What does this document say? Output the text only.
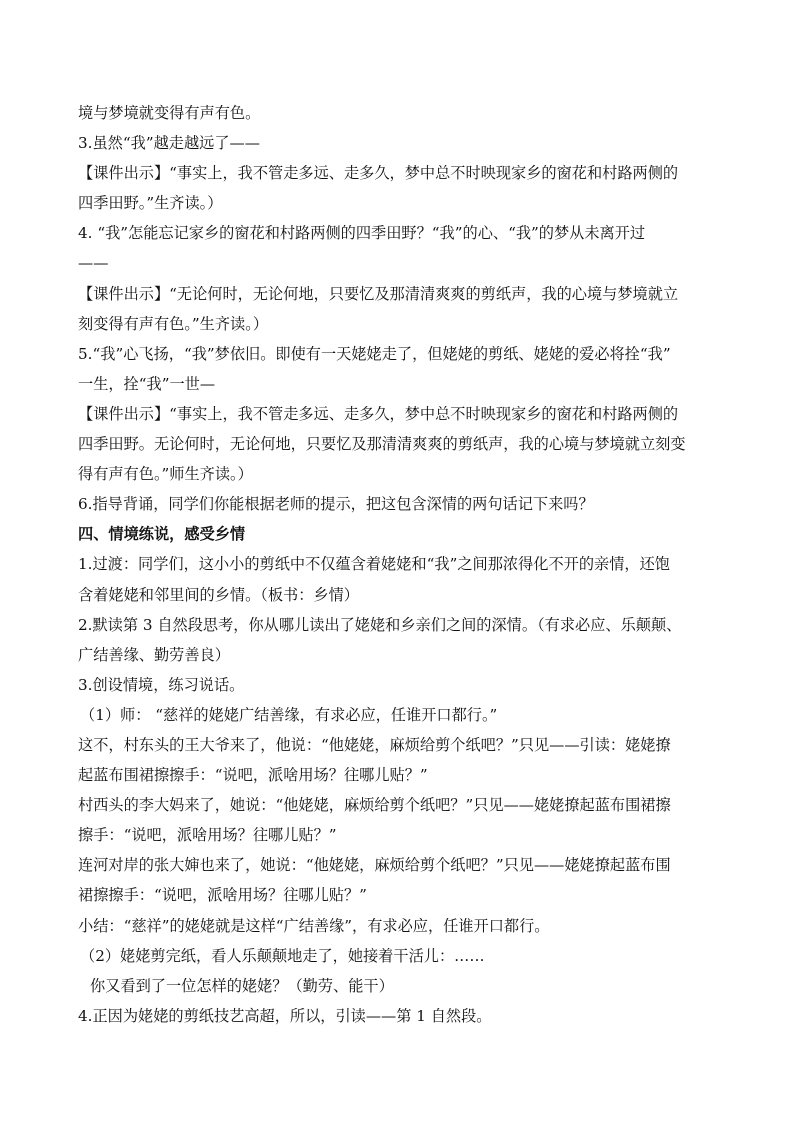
境与梦境就变得有声有色。
3.虽然“我”越走越远了——
【课件出示】“事实上，我不管走多远、走多久，梦中总不时映现家乡的窗花和村路两侧的
四季田野。”生齐读。）
4. “我”怎能忘记家乡的窗花和村路两侧的四季田野？“我”的心、“我”的梦从未离开过
——
【课件出示】“无论何时，无论何地，只要忆及那清清爽爽的剪纸声，我的心境与梦境就立
刻变得有声有色。”生齐读。）
5.“我”心飞扬，“我”梦依旧。即使有一天姥姥走了，但姥姥的剪纸、姥姥的爱必将拴“我”
一生，拴“我”一世—
【课件出示】“事实上，我不管走多远、走多久，梦中总不时映现家乡的窗花和村路两侧的
四季田野。无论何时，无论何地，只要忆及那清清爽爽的剪纸声，我的心境与梦境就立刻变
得有声有色。”师生齐读。）
6.指导背诵，同学们你能根据老师的提示，把这包含深情的两句话记下来吗？
四、情境练说，感受乡情
1.过渡：同学们，这小小的剪纸中不仅蕴含着姥姥和“我”之间那浓得化不开的亲情，还饱
含着姥姥和邻里间的乡情。（板书：乡情）
2.默读第 3 自然段思考，你从哪儿读出了姥姥和乡亲们之间的深情。（有求必应、乐颠颠、
广结善缘、勤劳善良）
3.创设情境，练习说话。
（1）师： “慈祥的姥姥广结善缘，有求必应，任谁开口都行。”
这不，村东头的王大爷来了，他说：“他姥姥，麻烦给剪个纸吧？”只见——引读：姥姥撩
起蓝布围裙擦擦手：“说吧，派啥用场？往哪儿贴？”
村西头的李大妈来了，她说：“他姥姥，麻烦给剪个纸吧？”只见——姥姥撩起蓝布围裙擦
擦手：“说吧，派啥用场？往哪儿贴？”
连河对岸的张大婶也来了，她说：“他姥姥，麻烦给剪个纸吧？”只见——姥姥撩起蓝布围
裙擦擦手：“说吧，派啥用场？往哪儿贴？”
小结：“慈祥”的姥姥就是这样“广结善缘”，有求必应，任谁开口都行。
（2）姥姥剪完纸，看人乐颠颠地走了，她接着干活儿：……
你又看到了一位怎样的姥姥？（勤劳、能干）
4.正因为姥姥的剪纸技艺高超，所以，引读——第 1 自然段。
